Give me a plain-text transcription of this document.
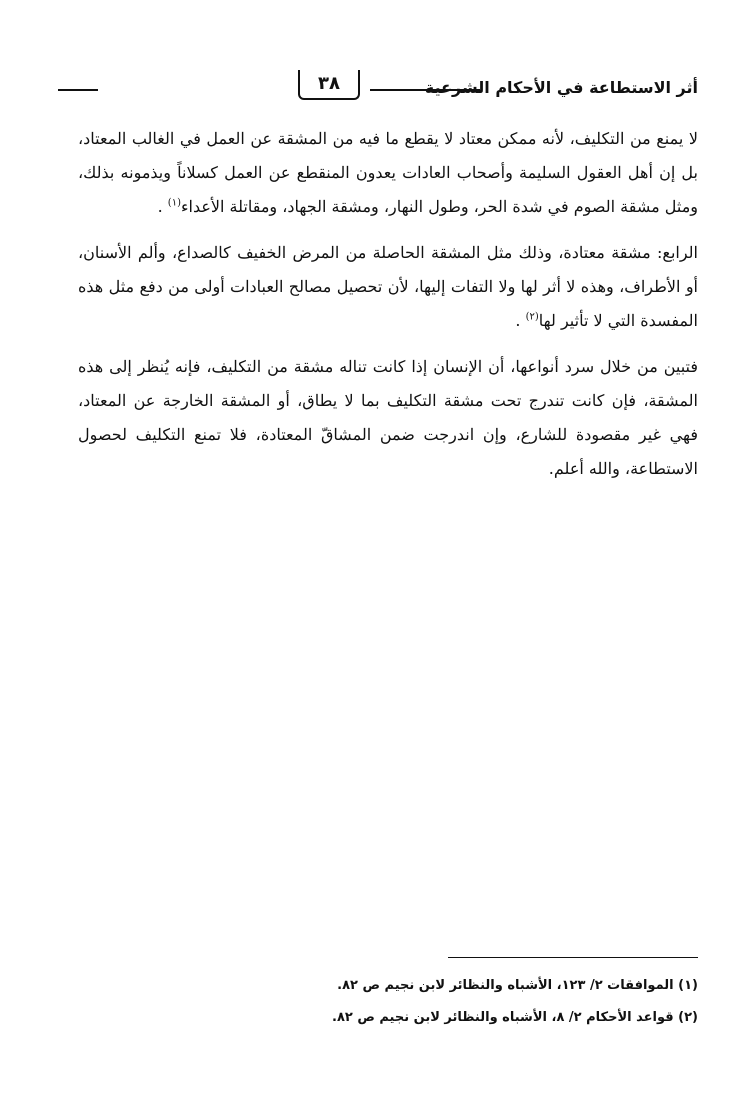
٣٨	أثر الاستطاعة في الأحكام الشرعية

لا يمنع من التكليف، لأنه ممكن معتاد لا يقطع ما فيه من المشقة عن العمل في الغالب المعتاد، بل إن أهل العقول السليمة وأصحاب العادات يعدون المنقطع عن العمل كسلاناً ويذمونه بذلك، ومثل مشقة الصوم في شدة الحر، وطول النهار، ومشقة الجهاد، ومقاتلة الأعداء$^{(١)}$ .

الرابع: مشقة معتادة، وذلك مثل المشقة الحاصلة من المرض الخفيف كالصداع، وألم الأسنان، أو الأطراف، وهذه لا أثر لها ولا التفات إليها، لأن تحصيل مصالح العبادات أولى من دفع مثل هذه المفسدة التي لا تأثير لها$^{(٢)}$ .

فتبين من خلال سرد أنواعها، أن الإنسان إذا كانت تناله مشقة من التكليف، فإنه يُنظر إلى هذه المشقة، فإن كانت تندرج تحت مشقة التكليف بما لا يطاق، أو المشقة الخارجة عن المعتاد، فهي غير مقصودة للشارع، وإن اندرجت ضمن المشاقّ المعتادة، فلا تمنع التكليف لحصول الاستطاعة، والله أعلم.

(١) الموافقات ٢/ ١٢٣، الأشباه والنظائر لابن نجيم ص ٨٢.

(٢) قواعد الأحكام ٢/ ٨، الأشباه والنظائر لابن نجيم ص ٨٢.
